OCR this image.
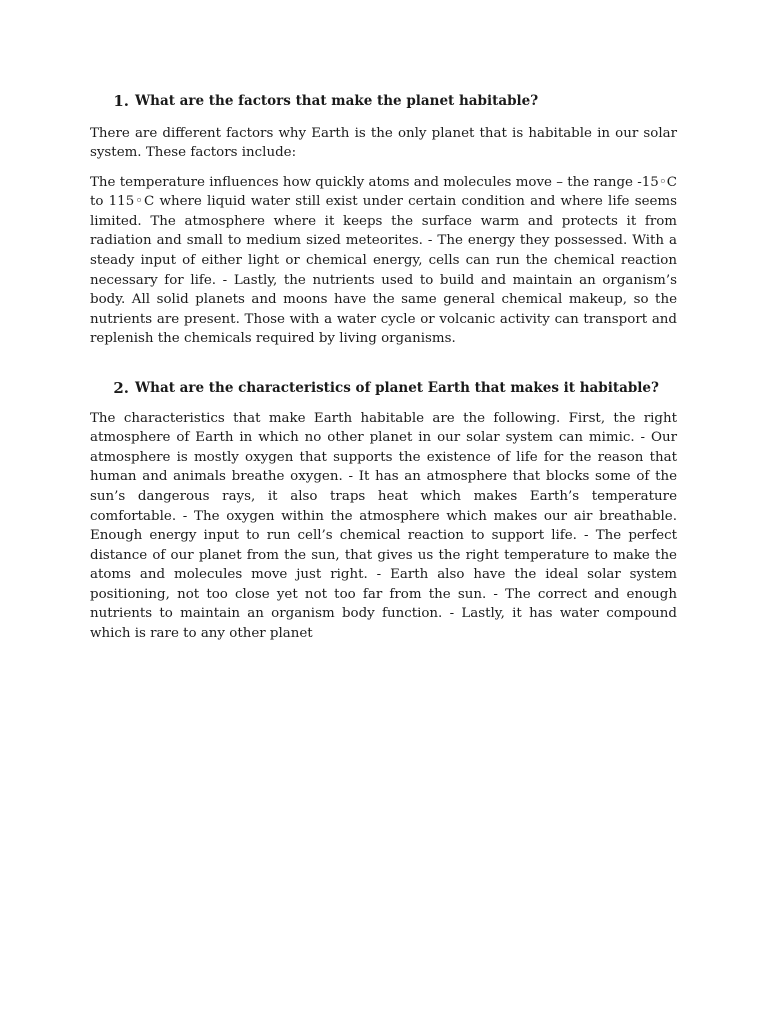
1. What are the factors that make the planet habitable?

There are different factors why Earth is the only planet that is habitable in our solar system. These factors include:

The temperature influences how quickly atoms and molecules move – the range -15◦C to 115◦C where liquid water still exist under certain condition and where life seems limited. The atmosphere where it keeps the surface warm and protects it from radiation and small to medium sized meteorites. - The energy they possessed. With a steady input of either light or chemical energy, cells can run the chemical reaction necessary for life. - Lastly, the nutrients used to build and maintain an organism’s body. All solid planets and moons have the same general chemical makeup, so the nutrients are present. Those with a water cycle or volcanic activity can transport and replenish the chemicals required by living organisms.

2. What are the characteristics of planet Earth that makes it habitable?

The characteristics that make Earth habitable are the following. First, the right atmosphere of Earth in which no other planet in our solar system can mimic. - Our atmosphere is mostly oxygen that supports the existence of life for the reason that human and animals breathe oxygen. - It has an atmosphere that blocks some of the sun’s dangerous rays, it also traps heat which makes Earth’s temperature comfortable. - The oxygen within the atmosphere which makes our air breathable. Enough energy input to run cell’s chemical reaction to support life. - The perfect distance of our planet from the sun, that gives us the right temperature to make the atoms and molecules move just right. - Earth also have the ideal solar system positioning, not too close yet not too far from the sun. - The correct and enough nutrients to maintain an organism body function. - Lastly, it has water compound which is rare to any other planet
